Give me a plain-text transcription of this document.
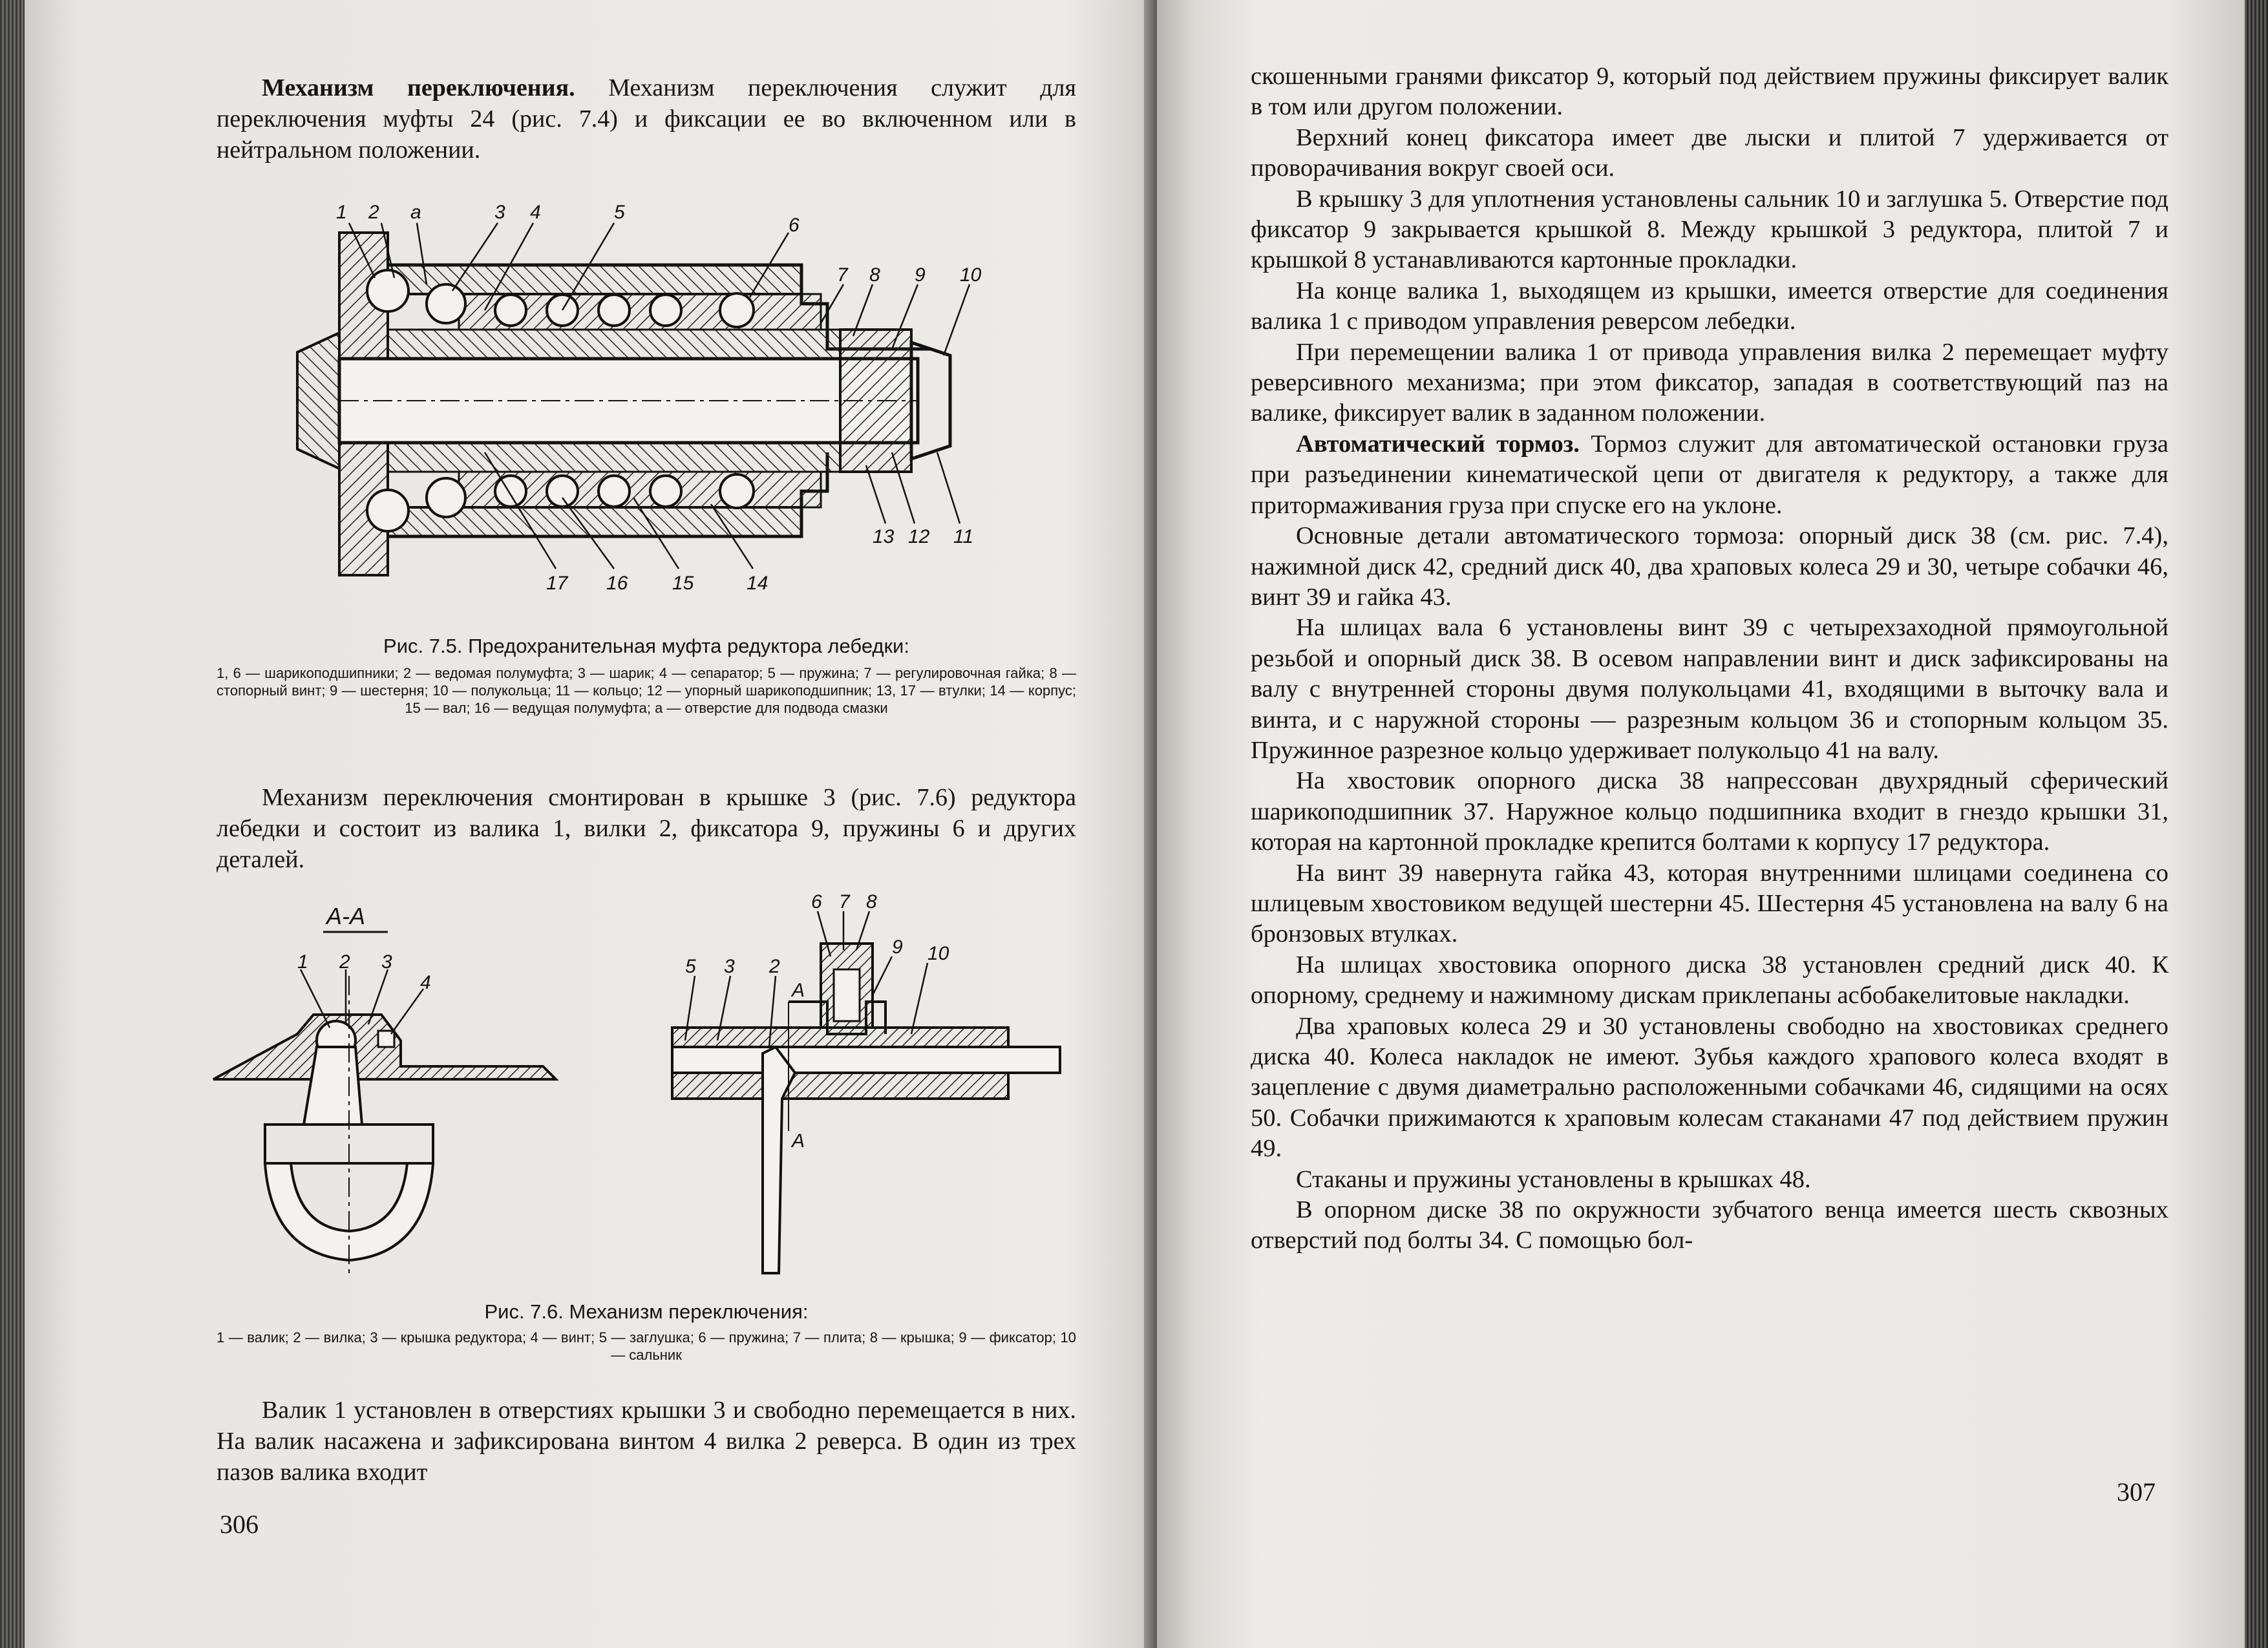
Механизм переключения. Механизм переключения служит для переключения муфты 24 (рис. 7.4) и фиксации ее во включенном или в нейтральном положении.

1 2 а	3 4	5
6
7 8 9 10
11
12
13
14
15
16
17
Рис. 7.5. Предохранительная муфта редуктора лебедки:
1, 6 — шарикоподшипники; 2 — ведомая полумуфта; 3 — шарик; 4 — сепаратор; 5 — пружина; 7 — регулировочная гайка; 8 — стопорный винт; 9 — шестерня; 10 — полукольца; 11 — кольцо; 12 — упорный шарикоподшипник; 13, 17 — втулки; 14 — корпус; 15 — вал; 16 — ведущая полумуфта; а — отверстие для подвода смазки

Механизм переключения смонтирован в крышке 3 (рис. 7.6) редуктора лебедки и состоит из валика 1, вилки 2, фиксатора 9, пружины 6 и других деталей.

А-А
1 2 3
4
5 3 2
6 7 8
9 10
А
А
Рис. 7.6. Механизм переключения:
1 — валик; 2 — вилка; 3 — крышка редуктора; 4 — винт; 5 — заглушка; 6 — пружина; 7 — плита; 8 — крышка; 9 — фиксатор; 10 — сальник

Валик 1 установлен в отверстиях крышки 3 и свободно перемещается в них. На валик насажена и зафиксирована винтом 4 вилка 2 реверса. В один из трех пазов валика входит

306

скошенными гранями фиксатор 9, который под действием пружины фиксирует валик в том или другом положении.

Верхний конец фиксатора имеет две лыски и плитой 7 удерживается от проворачивания вокруг своей оси.

В крышку 3 для уплотнения установлены сальник 10 и заглушка 5. Отверстие под фиксатор 9 закрывается крышкой 8. Между крышкой 3 редуктора, плитой 7 и крышкой 8 устанавливаются картонные прокладки.

На конце валика 1, выходящем из крышки, имеется отверстие для соединения валика 1 с приводом управления реверсом лебедки.

При перемещении валика 1 от привода управления вилка 2 перемещает муфту реверсивного механизма; при этом фиксатор, западая в соответствующий паз на валике, фиксирует валик в заданном положении.

Автоматический тормоз. Тормоз служит для автоматической остановки груза при разъединении кинематической цепи от двигателя к редуктору, а также для притормаживания груза при спуске его на уклоне.

Основные детали автоматического тормоза: опорный диск 38 (см. рис. 7.4), нажимной диск 42, средний диск 40, два храповых колеса 29 и 30, четыре собачки 46, винт 39 и гайка 43.

На шлицах вала 6 установлены винт 39 с четырехзаходной прямоугольной резьбой и опорный диск 38. В осевом направлении винт и диск зафиксированы на валу с внутренней стороны двумя полукольцами 41, входящими в выточку вала и винта, и с наружной стороны — разрезным кольцом 36 и стопорным кольцом 35. Пружинное разрезное кольцо удерживает полукольцо 41 на валу.

На хвостовик опорного диска 38 напрессован двухрядный сферический шарикоподшипник 37. Наружное кольцо подшипника входит в гнездо крышки 31, которая на картонной прокладке крепится болтами к корпусу 17 редуктора.

На винт 39 навернута гайка 43, которая внутренними шлицами соединена со шлицевым хвостовиком ведущей шестерни 45. Шестерня 45 установлена на валу 6 на бронзовых втулках.

На шлицах хвостовика опорного диска 38 установлен средний диск 40. К опорному, среднему и нажимному дискам приклепаны асбобакелитовые накладки.

Два храповых колеса 29 и 30 установлены свободно на хвостовиках среднего диска 40. Колеса накладок не имеют. Зубья каждого храпового колеса входят в зацепление с двумя диаметрально расположенными собачками 46, сидящими на осях 50. Собачки прижимаются к храповым колесам стаканами 47 под действием пружин 49.

Стаканы и пружины установлены в крышках 48.

В опорном диске 38 по окружности зубчатого венца имеется шесть сквозных отверстий под болты 34. С помощью бол-

307
